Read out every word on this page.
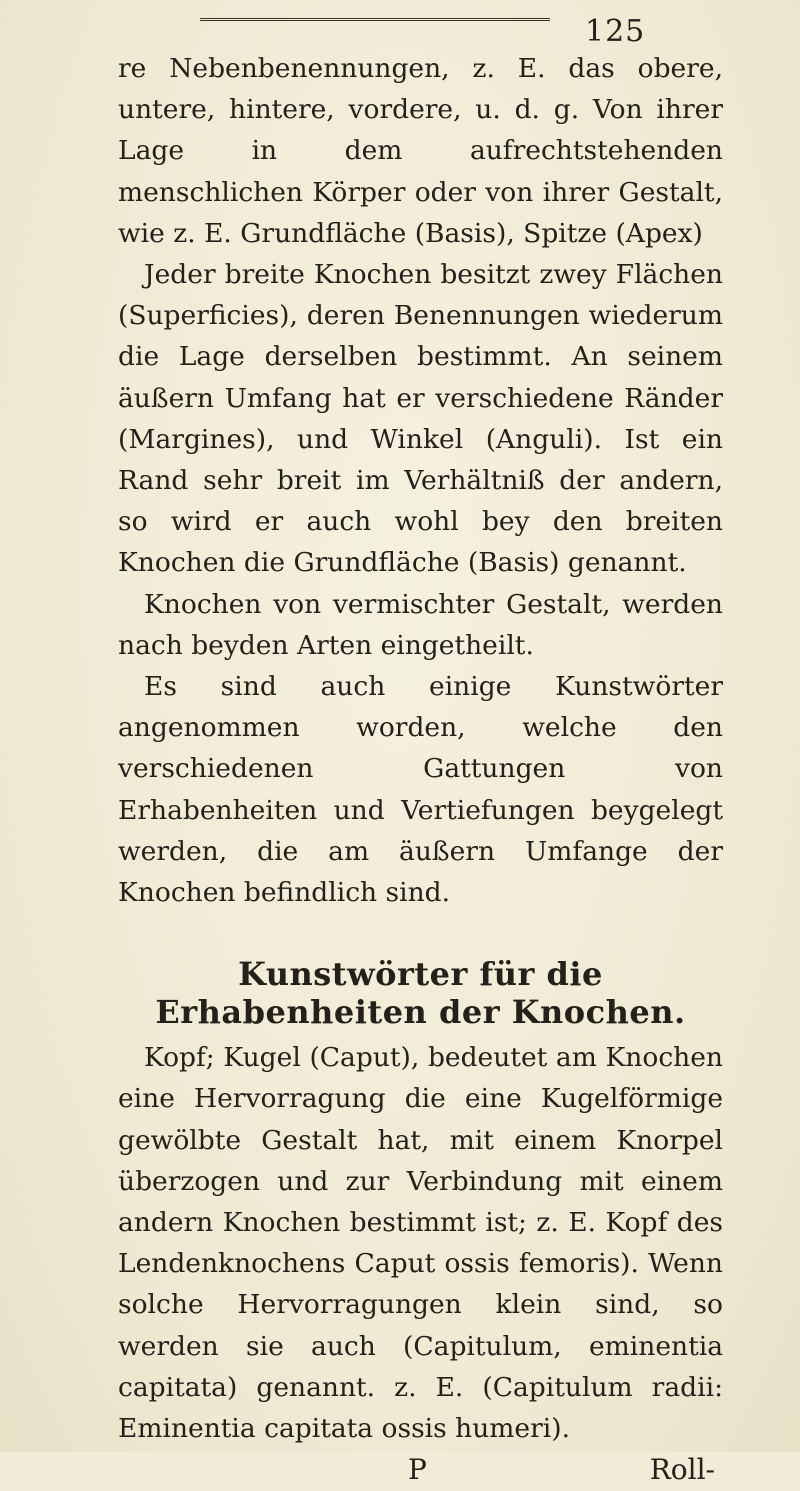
125

re Nebenbenennungen, z. E. das obere, untere, hintere, vordere, u. d. g. Von ihrer Lage in dem aufrechtstehenden menschlichen Körper oder von ihrer Gestalt, wie z. E. Grundfläche (Basis), Spitze (Apex)

Jeder breite Knochen besitzt zwey Flächen (Superficies), deren Benennungen wiederum die Lage derselben bestimmt. An seinem äußern Umfang hat er verschiedene Ränder (Margines), und Winkel (Anguli). Ist ein Rand sehr breit im Verhältniß der andern, so wird er auch wohl bey den breiten Knochen die Grundfläche (Basis) genannt.

Knochen von vermischter Gestalt, werden nach beyden Arten eingetheilt.

Es sind auch einige Kunstwörter angenommen worden, welche den verschiedenen Gattungen von Erhabenheiten und Vertiefungen beygelegt werden, die am äußern Umfange der Knochen befindlich sind.

Kunstwörter für die Erhabenheiten der Knochen.

Kopf; Kugel (Caput), bedeutet am Knochen eine Hervorragung die eine Kugelförmige gewölbte Gestalt hat, mit einem Knorpel überzogen und zur Verbindung mit einem andern Knochen bestimmt ist; z. E. Kopf des Lendenknochens Caput ossis femoris). Wenn solche Hervorragungen klein sind, so werden sie auch (Capitulum, eminentia capitata) genannt. z. E. (Capitulum radii: Eminentia capitata ossis humeri).

P	Roll-
